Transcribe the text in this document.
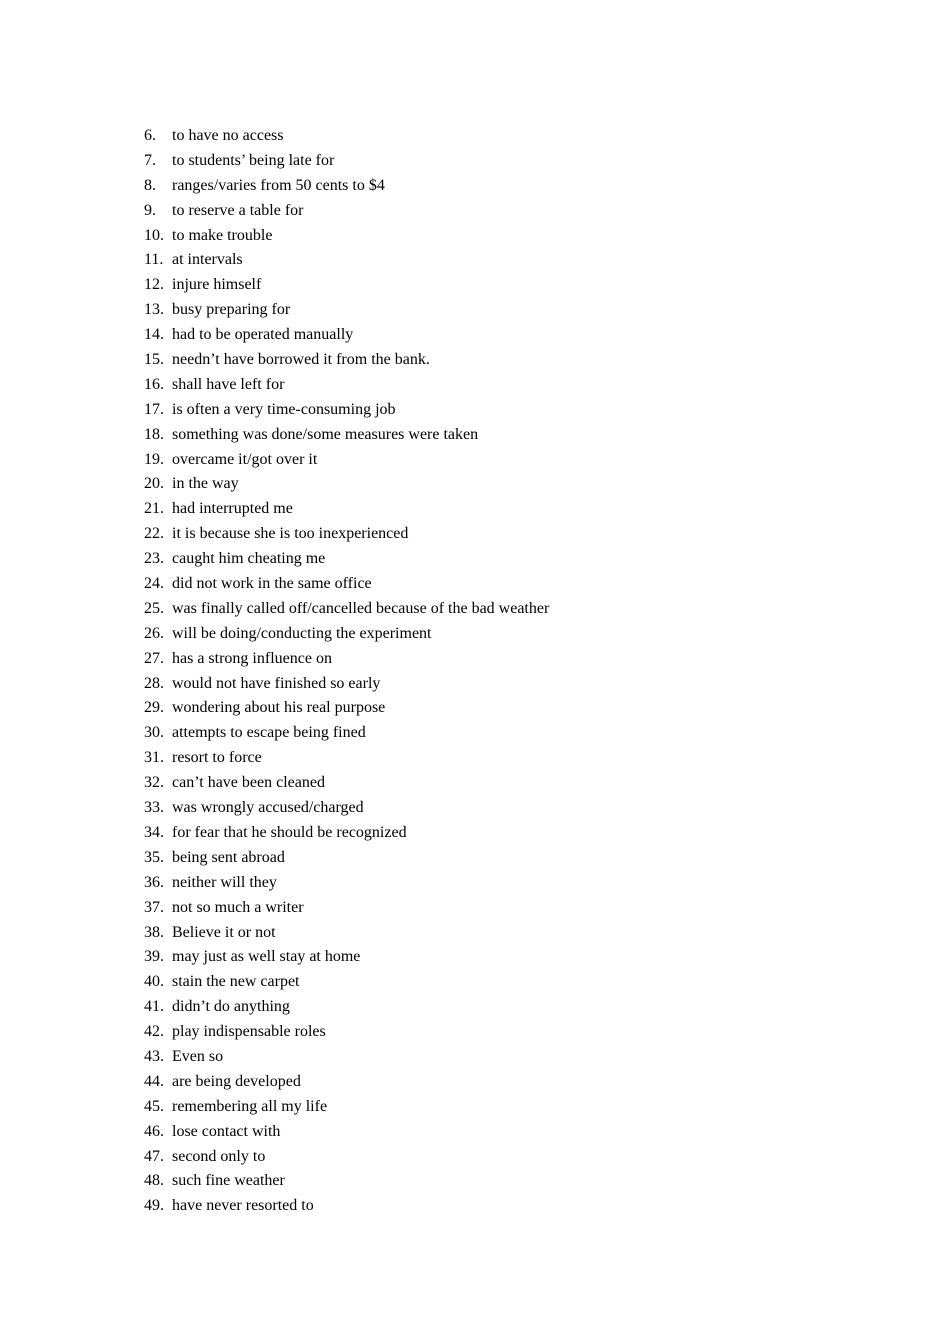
6.	to have no access
7.	to students’ being late for
8.	ranges/varies from 50 cents to $4
9.	to reserve a table for
10. to make trouble
11. at intervals
12. injure himself
13. busy preparing for
14. had to be operated manually
15. needn’t have borrowed it from the bank.
16. shall have left for
17. is often a very time-consuming job
18. something was done/some measures were taken
19. overcame it/got over it
20. in the way
21. had interrupted me
22. it is because she is too inexperienced
23. caught him cheating me
24. did not work in the same office
25. was finally called off/cancelled because of the bad weather
26. will be doing/conducting the experiment
27. has a strong influence on
28. would not have finished so early
29. wondering about his real purpose
30. attempts to escape being fined
31. resort to force
32. can’t have been cleaned
33. was wrongly accused/charged
34. for fear that he should be recognized
35. being sent abroad
36. neither will they
37. not so much a writer
38. Believe it or not
39. may just as well stay at home
40. stain the new carpet
41. didn’t do anything
42. play indispensable roles
43. Even so
44. are being developed
45. remembering all my life
46. lose contact with
47. second only to
48. such fine weather
49. have never resorted to
